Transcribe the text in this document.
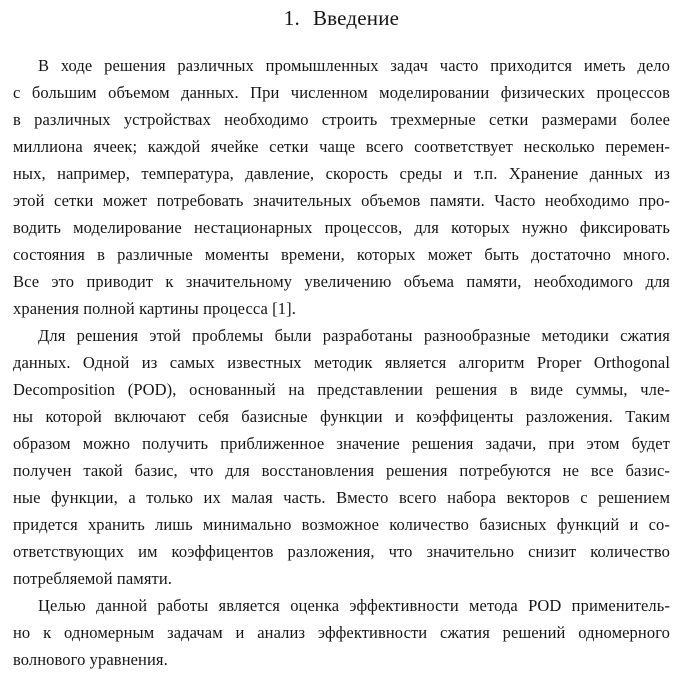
1. Введение
В ходе решения различных промышленных задач часто приходится иметь дело
с большим объемом данных. При численном моделировании физических процессов
в различных устройствах необходимо строить трехмерные сетки размерами более
миллиона ячеек; каждой ячейке сетки чаще всего соответствует несколько перемен-
ных, например, температура, давление, скорость среды и т.п. Хранение данных из
этой сетки может потребовать значительных объемов памяти. Часто необходимо про-
водить моделирование нестационарных процессов, для которых нужно фиксировать
состояния в различные моменты времени, которых может быть достаточно много.
Все это приводит к значительному увеличению объема памяти, необходимого для
хранения полной картины процесса [1].
Для решения этой проблемы были разработаны разнообразные методики сжатия
данных. Одной из самых известных методик является алгоритм Proper Orthogonal
Decomposition (POD), основанный на представлении решения в виде суммы, чле-
ны которой включают себя базисные функции и коэффиценты разложения. Таким
образом можно получить приближенное значение решения задачи, при этом будет
получен такой базис, что для восстановления решения потребуются не все базис-
ные функции, а только их малая часть. Вместо всего набора векторов с решением
придется хранить лишь минимально возможное количество базисных функций и со-
ответствующих им коэффицентов разложения, что значительно снизит количество
потребляемой памяти.
Целью данной работы является оценка эффективности метода POD применитель-
но к одномерным задачам и анализ эффективности сжатия решений одномерного
волнового уравнения.
